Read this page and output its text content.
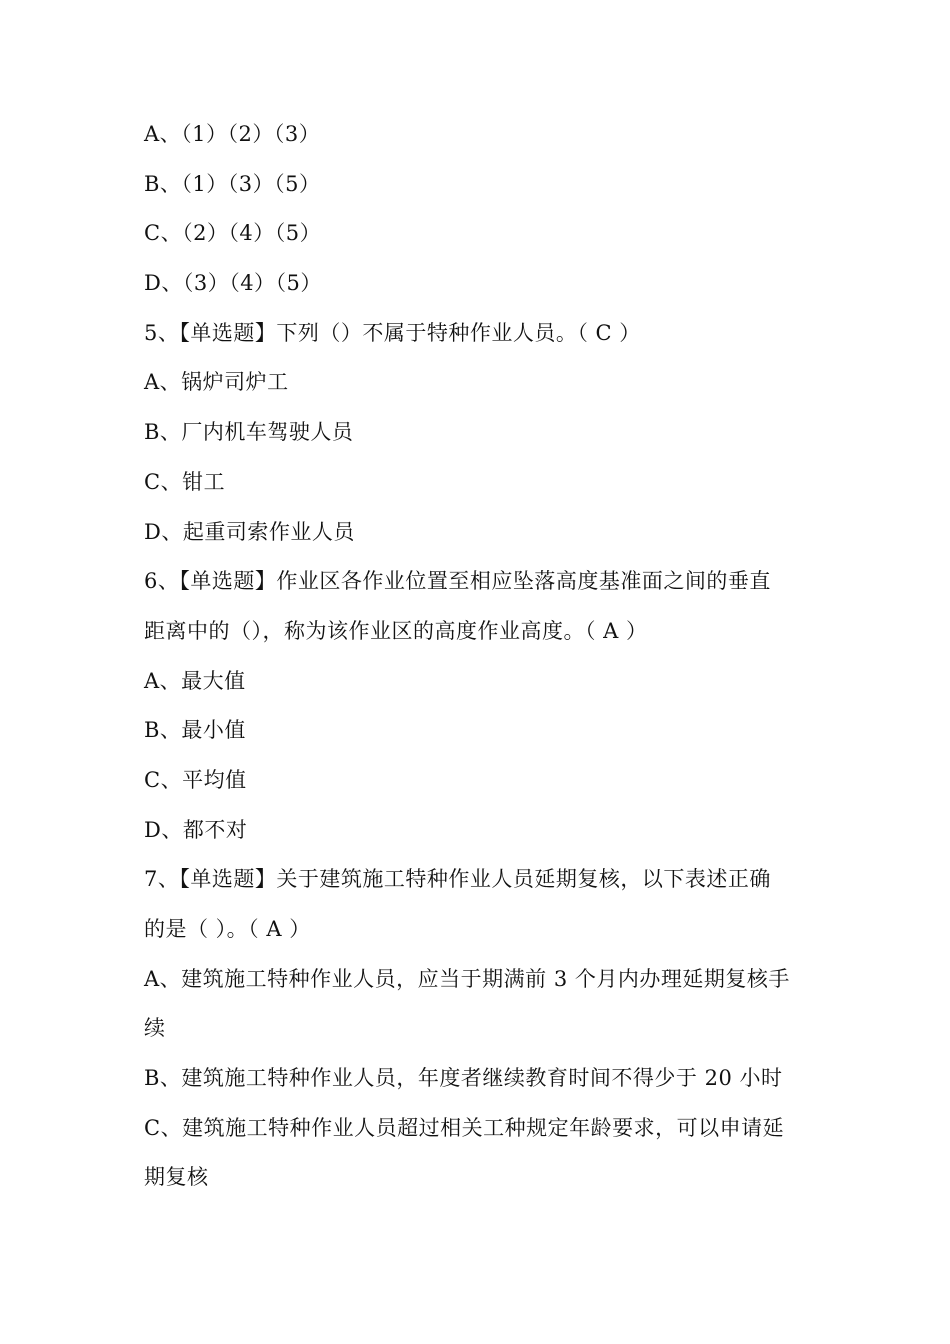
A、（1）（2）（3）
B、（1）（3）（5）
C、（2）（4）（5）
D、（3）（4）（5）
5、【单选题】下列（）不属于特种作业人员。（ C ）
A、锅炉司炉工
B、厂内机车驾驶人员
C、钳工
D、起重司索作业人员
6、【单选题】作业区各作业位置至相应坠落高度基准面之间的垂直
距离中的（），称为该作业区的高度作业高度。（ A ）
A、最大值
B、最小值
C、平均值
D、都不对
7、【单选题】关于建筑施工特种作业人员延期复核，以下表述正确
的是（ ）。（ A ）
A、建筑施工特种作业人员，应当于期满前 3 个月内办理延期复核手
续
B、建筑施工特种作业人员，年度者继续教育时间不得少于 20 小时
C、建筑施工特种作业人员超过相关工种规定年龄要求，可以申请延
期复核
